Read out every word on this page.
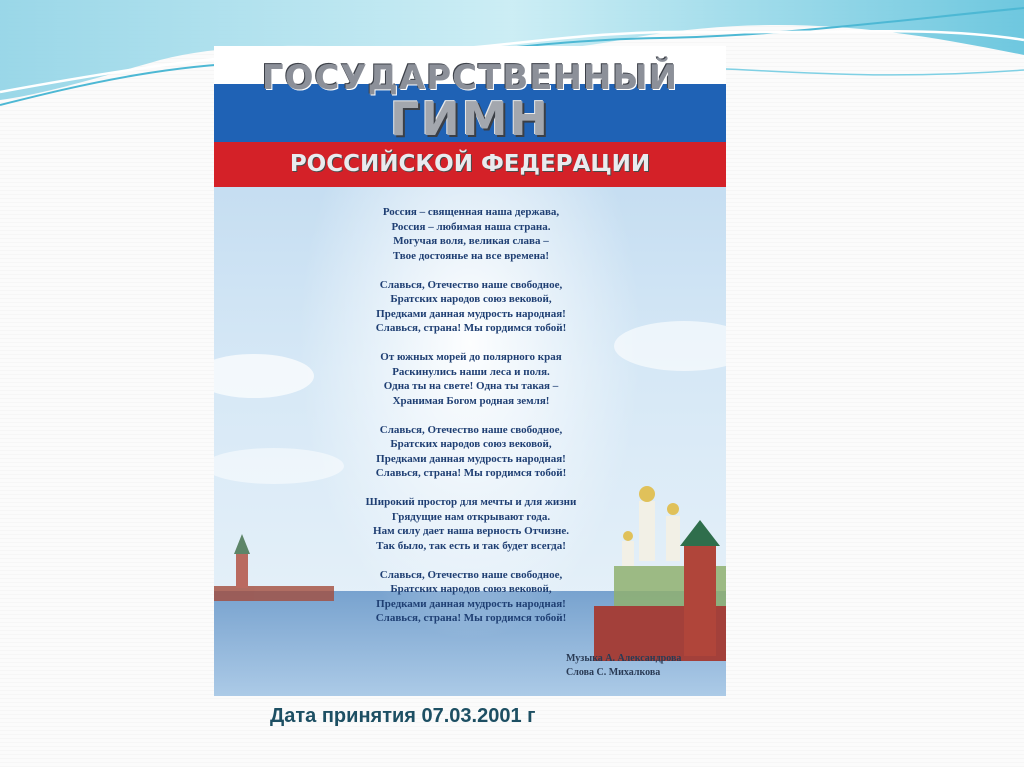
ГОСУДАРСТВЕННЫЙ
ГИМН
РОССИЙСКОЙ ФЕДЕРАЦИИ
Россия – священная наша держава,
Россия – любимая наша страна.
Могучая воля, великая слава –
Твое достоянье на все времена!
Славься, Отечество наше свободное,
Братских народов союз вековой,
Предками данная мудрость народная!
Славься, страна! Мы гордимся тобой!
От южных морей до полярного края
Раскинулись наши леса и поля.
Одна ты на свете! Одна ты такая –
Хранимая Богом родная земля!
Славься, Отечество наше свободное,
Братских народов союз вековой,
Предками данная мудрость народная!
Славься, страна! Мы гордимся тобой!
Широкий простор для мечты и для жизни
Грядущие нам открывают года.
Нам силу дает наша верность Отчизне.
Так было, так есть и так будет всегда!
Славься, Отечество наше свободное,
Братских народов союз вековой,
Предками данная мудрость народная!
Славься, страна! Мы гордимся тобой!
Музыка А. Александрова
Слова С. Михалкова
Дата принятия 07.03.2001 г
